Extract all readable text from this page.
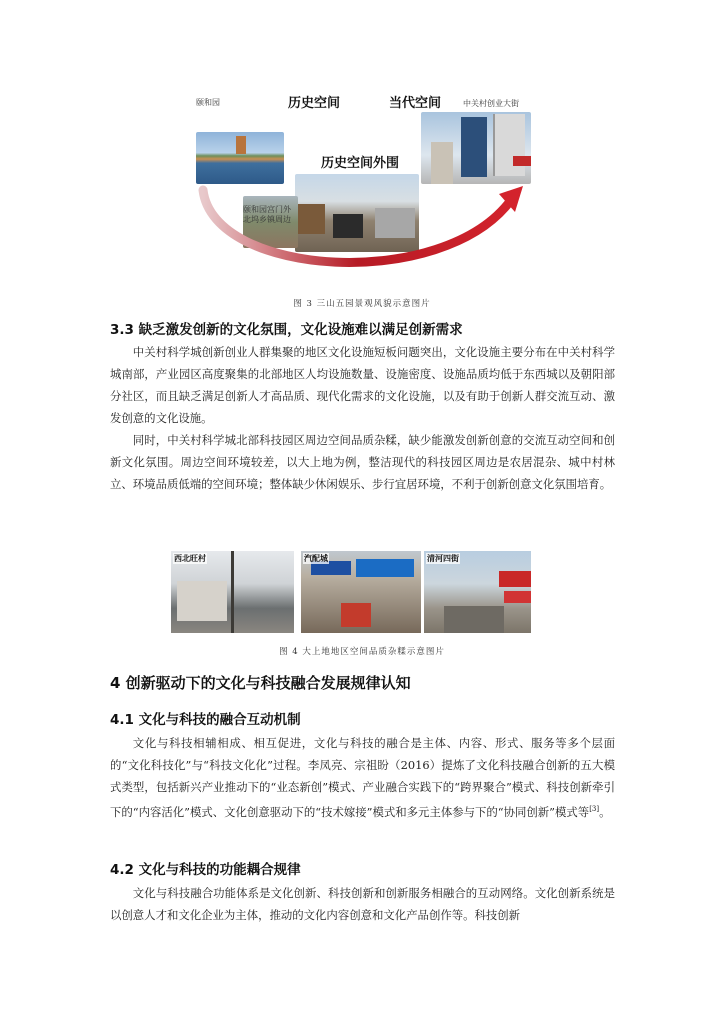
颐和园	历史空间	当代空间	中关村创业大街
历史空间外围
颐和园宫门外
北坞乡镇周边
图 3 三山五园景观风貌示意图片
3.3 缺乏激发创新的文化氛围，文化设施难以满足创新需求

中关村科学城创新创业人群集聚的地区文化设施短板问题突出，文化设施主要分布在中关村科学城南部，产业园区高度聚集的北部地区人均设施数量、设施密度、设施品质均低于东西城以及朝阳部分社区，而且缺乏满足创新人才高品质、现代化需求的文化设施，以及有助于创新人群交流互动、激发创意的文化设施。

同时，中关村科学城北部科技园区周边空间品质杂糅，缺少能激发创新创意的交流互动空间和创新文化氛围。周边空间环境较差，以大上地为例，整洁现代的科技园区周边是农居混杂、城中村林立、环境品质低端的空间环境；整体缺少休闲娱乐、步行宜居环境，不利于创新创意文化氛围培育。

西北旺村	汽配城	清河四街
图 4 大上地地区空间品质杂糅示意图片
4 创新驱动下的文化与科技融合发展规律认知
4.1 文化与科技的融合互动机制

文化与科技相辅相成、相互促进，文化与科技的融合是主体、内容、形式、服务等多个层面的“文化科技化”与“科技文化化”过程。李凤亮、宗祖盼（2016）提炼了文化科技融合创新的五大模式类型，包括新兴产业推动下的“业态新创”模式、产业融合实践下的“跨界聚合”模式、科技创新牵引下的“内容活化”模式、文化创意驱动下的“技术嫁接”模式和多元主体参与下的“协同创新”模式等[3]。

4.2 文化与科技的功能耦合规律

文化与科技融合功能体系是文化创新、科技创新和创新服务相融合的互动网络。文化创新系统是以创意人才和文化企业为主体，推动的文化内容创意和文化产品创作等。科技创新
